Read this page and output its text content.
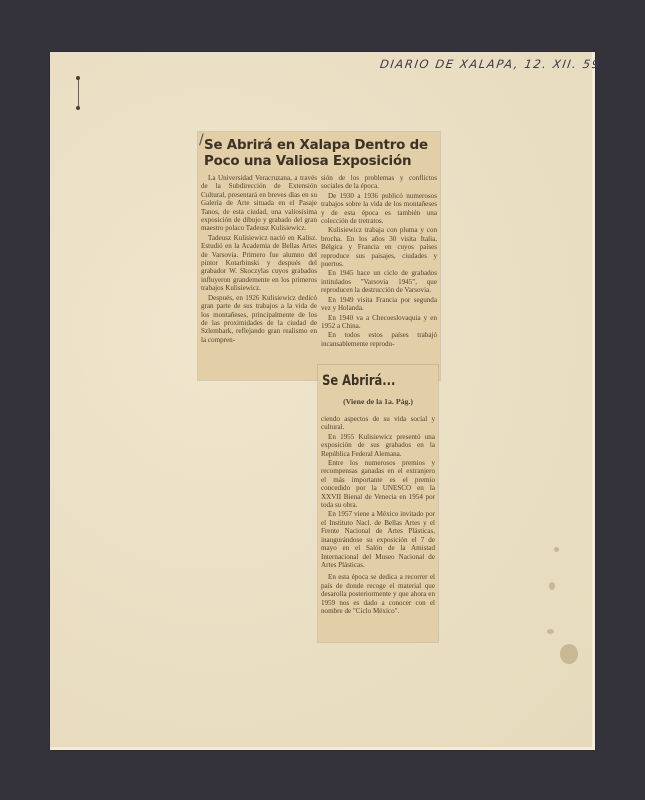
DIARIO DE XALAPA, 12. XII. 59.
/ Se Abrirá en Xalapa Dentro de Poco una Valiosa Exposición

La Universidad Veracruzana, a través de la Subdirección de Extensión Cultural, presentará en breves días en su Galería de Arte situada en el Pasaje Tanos, de esta ciudad, una valiosísima exposición de dibujo y grabado del gran maestro polaco Tadeusz Kulisiewicz.

Tadeusz Kulisiewicz nació en Kalisz. Estudió en la Academia de Bellas Artes de Varsovia. Primero fue alumno del pintor Kotarbinski y después del grabador W. Skoczylas cuyos grabados influyeron grandemente en los primeros trabajos Kulisiewicz.

Después, en 1926 Kulisiewicz dedicó gran parte de sus trabajos a la vida de los montañeses, principalmente de los de las proximidades de la ciudad de Szlembark, reflejando gran realismo en la compren-

sión de los problemas y conflictos sociales de la época.

De 1930 a 1936 publicó numerosos trabajos sobre la vida de los montañeses y de esta época es también una colección de tretratos.

Kulisiewicz trabaja con pluma y con brocha. En los años 30 visita Italia, Bélgica y Francia en cuyos países reproduce sus paisajes, ciudades y puertos.

En 1945 hace un ciclo de grabados intitulados "Varsovia 1945", que reproducen la destrucción de Varsovia.

En 1949 visita Francia por segunda vez y Holanda.

En 1940 va a Checoeslovaquia y en 1952 a China.

En todos estos países trabajó incansablemente reprodu-

Se Abrirá...
(Viene de la 1a. Pág.)

ciendo aspectos de su vida social y cultural.

En 1955 Kulisiewicz presentó una exposición de sus grabados en la República Federal Alemana.

Entre los numerosos premios y recompensas ganadas en el extranjero el más importante es el premio concedido por la UNESCO en la XXVII Bienal de Venecia en 1954 por toda su obra.

En 1957 viene a México invitado por el Instituto Nacl. de Bellas Artes y el Frente Nacional de Artes Plásticas, inaugurándose su exposición el 7 de mayo en el Salón de la Amistad Internacional del Museo Nacional de Artes Plásticas.

En esta época se dedica a recorrer el país de donde recoge el material que desarolla posteriormente y que ahora en 1959 nos es dado a conocer con el nombre de "Ciclo México".
